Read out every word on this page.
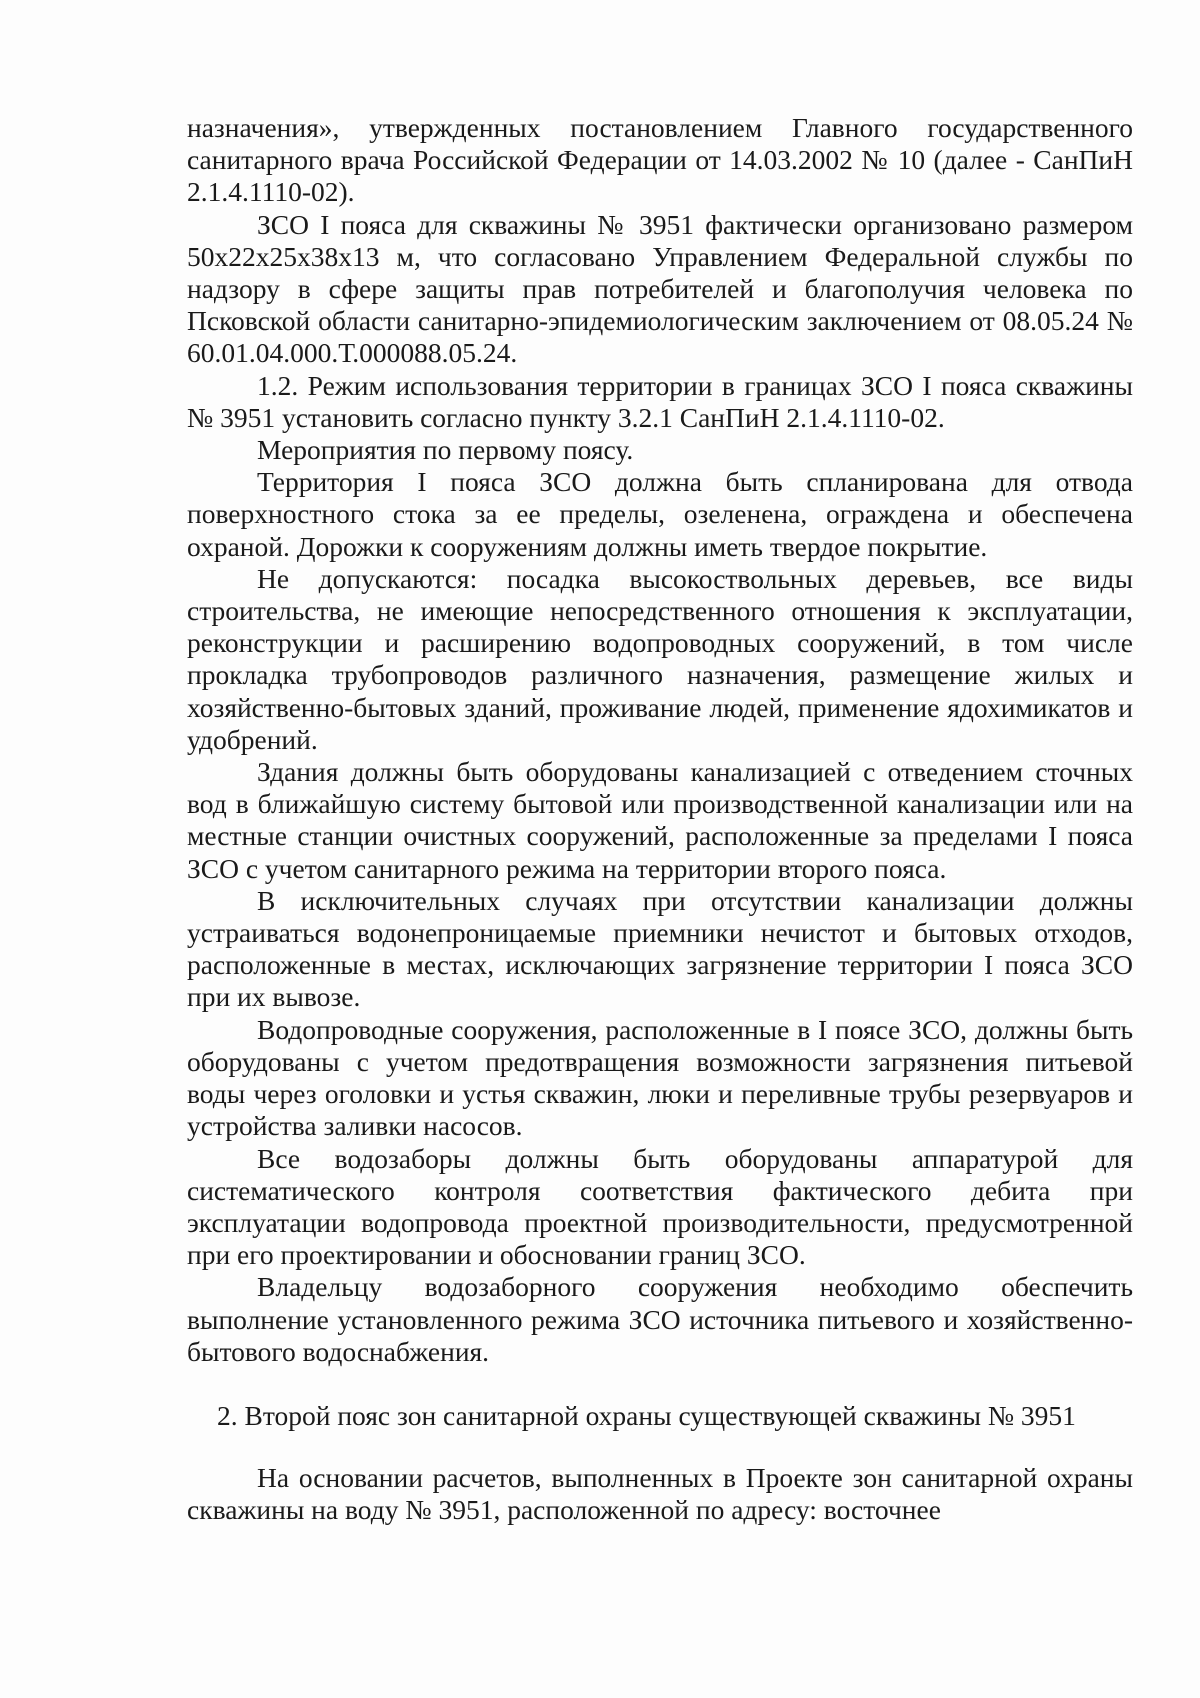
назначения», утвержденных постановлением Главного государственного санитарного врача Российской Федерации от 14.03.2002 № 10 (далее - СанПиН 2.1.4.1110-02).

ЗСО I пояса для скважины № 3951 фактически организовано размером 50х22х25х38х13 м, что согласовано Управлением Федеральной службы по надзору в сфере защиты прав потребителей и благополучия человека по Псковской области санитарно-эпидемиологическим заключением от 08.05.24 № 60.01.04.000.Т.000088.05.24.

1.2. Режим использования территории в границах ЗСО I пояса скважины № 3951 установить согласно пункту 3.2.1 СанПиН 2.1.4.1110-02.

Мероприятия по первому поясу.

Территория I пояса ЗСО должна быть спланирована для отвода поверхностного стока за ее пределы, озеленена, ограждена и обеспечена охраной. Дорожки к сооружениям должны иметь твердое покрытие.

Не допускаются: посадка высокоствольных деревьев, все виды строительства, не имеющие непосредственного отношения к эксплуатации, реконструкции и расширению водопроводных сооружений, в том числе прокладка трубопроводов различного назначения, размещение жилых и хозяйственно-бытовых зданий, проживание людей, применение ядохимикатов и удобрений.

Здания должны быть оборудованы канализацией с отведением сточных вод в ближайшую систему бытовой или производственной канализации или на местные станции очистных сооружений, расположенные за пределами I пояса ЗСО с учетом санитарного режима на территории второго пояса.

В исключительных случаях при отсутствии канализации должны устраиваться водонепроницаемые приемники нечистот и бытовых отходов, расположенные в местах, исключающих загрязнение территории I пояса ЗСО при их вывозе.

Водопроводные сооружения, расположенные в I поясе ЗСО, должны быть оборудованы с учетом предотвращения возможности загрязнения питьевой воды через оголовки и устья скважин, люки и переливные трубы резервуаров и устройства заливки насосов.

Все водозаборы должны быть оборудованы аппаратурой для систематического контроля соответствия фактического дебита при эксплуатации водопровода проектной производительности, предусмотренной при его проектировании и обосновании границ ЗСО.

Владельцу водозаборного сооружения необходимо обеспечить выполнение установленного режима ЗСО источника питьевого и хозяйственно-бытового водоснабжения.

2. Второй пояс зон санитарной охраны существующей скважины № 3951

На основании расчетов, выполненных в Проекте зон санитарной охраны скважины на воду № 3951, расположенной по адресу: восточнее
